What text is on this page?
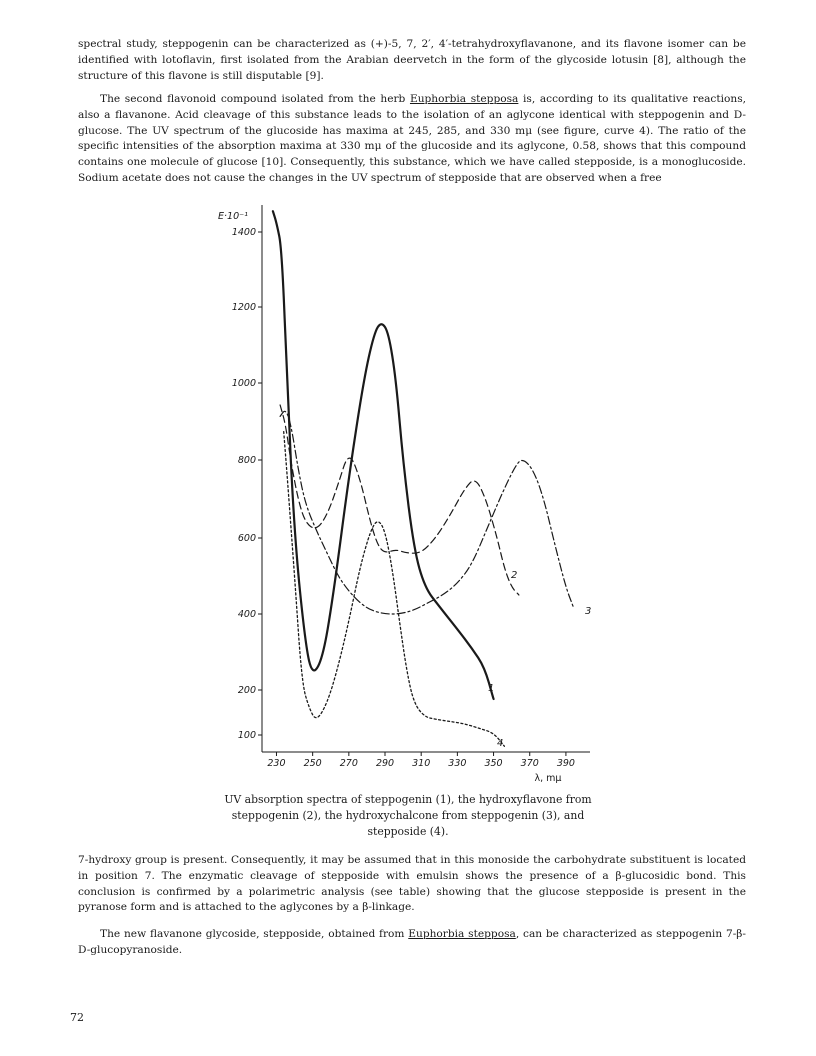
spectral study, steppogenin can be characterized as (+)-5, 7, 2′, 4′-tetrahydroxyflavanone, and its flavone isomer can be identified with lotoflavin, first isolated from the Arabian deervetch in the form of the glycoside lotusin [8], although the structure of this flavone is still disputable [9].

The second flavonoid compound isolated from the herb Euphorbia stepposa is, according to its qualitative reactions, also a flavanone. Acid cleavage of this substance leads to the isolation of an aglycone identical with steppogenin and D-glucose. The UV spectrum of the glucoside has maxima at 245, 285, and 330 mμ (see figure, curve 4). The ratio of the specific intensities of the absorption maxima at 330 mμ of the glucoside and its aglycone, 0.58, shows that this compound contains one molecule of glucose [10]. Consequently, this substance, which we have called stepposide, is a monoglucoside. Sodium acetate does not cause the changes in the UV spectrum of stepposide that are observed when a free

E·10⁻¹
1400
1200
1000
800
600
400
200
100
230 250 270 290 310 330 350 370 390
λ, mμ
1
2
3
4

UV absorption spectra of steppogenin (1), the hydroxyflavone from steppogenin (2), the hydroxychalcone from steppogenin (3), and stepposide (4).

7-hydroxy group is present. Consequently, it may be assumed that in this monoside the carbohydrate substituent is located in position 7. The enzymatic cleavage of stepposide with emulsin shows the presence of a β-glucosidic bond. This conclusion is confirmed by a polarimetric analysis (see table) showing that the glucose stepposide is present in the pyranose form and is attached to the aglycones by a β-linkage.

The new flavanone glycoside, stepposide, obtained from Euphorbia stepposa, can be characterized as steppogenin 7-β-D-glucopyranoside.

72
